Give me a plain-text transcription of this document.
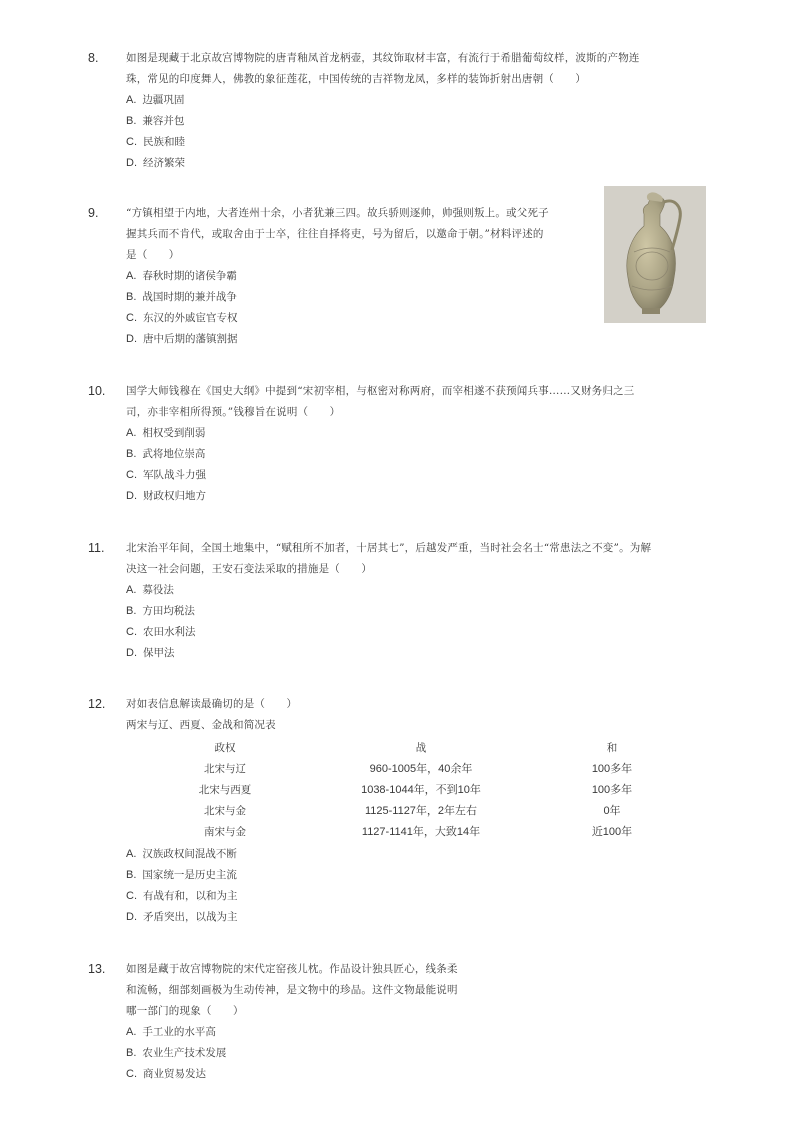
8.	如图是现藏于北京故宫博物院的唐青釉凤首龙柄壶，其纹饰取材丰富，有流行于希腊葡萄纹样，波斯的产物连
珠，常见的印度舞人，佛教的象征莲花，中国传统的吉祥物龙凤，多样的装饰折射出唐朝（　　）
A. 边疆巩固
B. 兼容并包
C. 民族和睦
D. 经济繁荣
9.	“方镇相望于内地，大者连州十余，小者犹兼三四。故兵骄则逐帅，帅强则叛上。或父死子
握其兵而不肯代，或取舍由于士卒，往往自择将吏，号为留后，以邀命于朝。”材料评述的
是（　　）
A. 春秋时期的诸侯争霸
B. 战国时期的兼并战争
C. 东汉的外戚宦官专权
D. 唐中后期的藩镇割据
10.	国学大师钱穆在《国史大纲》中提到“宋初宰相，与枢密对称两府，而宰相遂不获预闻兵事……又财务归之三
司，亦非宰相所得预。”钱穆旨在说明（　　）
A. 相权受到削弱
B. 武将地位崇高
C. 军队战斗力强
D. 财政权归地方
11.	北宋治平年间，全国土地集中，“赋租所不加者，十居其七”，后越发严重，当时社会名士“常患法之不变”。为解
决这一社会问题，王安石变法采取的措施是（　　）
A. 募役法
B. 方田均税法
C. 农田水利法
D. 保甲法
12.	对如表信息解读最确切的是（　　）
两宋与辽、西夏、金战和简况表
政权	战	和
北宋与辽	960-1005年，40余年	100多年
北宋与西夏	1038-1044年，不到10年	100多年
北宋与金	1125-1127年，2年左右	0年
南宋与金	1127-1141年，大致14年	近100年
A. 汉族政权间混战不断
B. 国家统一是历史主流
C. 有战有和，以和为主
D. 矛盾突出，以战为主
13.	如图是藏于故宫博物院的宋代定窑孩儿枕。作品设计独具匠心，线条柔
和流畅，细部刻画极为生动传神，是文物中的珍品。这件文物最能说明
哪一部门的现象（　　）
A. 手工业的水平高
B. 农业生产技术发展
C. 商业贸易发达
